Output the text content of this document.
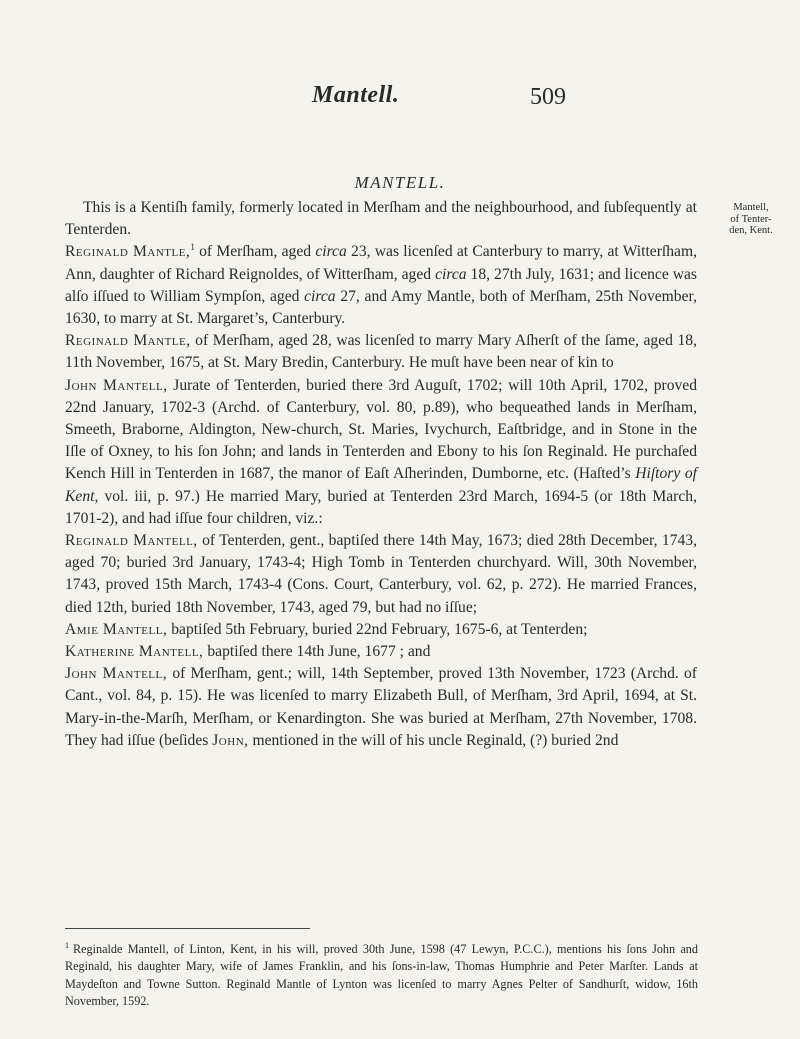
Mantell.	509
MANTELL.
Mantell,
of Tenter-
den, Kent.

This is a Kentiſh family, formerly located in Merſham and the neighbourhood, and ſubſequently at Tenterden.

Reginald Mantle,$^1$ of Merſham, aged circa 23, was licenſed at Canterbury to marry, at Witterſham, Ann, daughter of Richard Reignoldes, of Witterſham, aged circa 18, 27th July, 1631; and licence was alſo iſſued to William Sympſon, aged circa 27, and Amy Mantle, both of Merſham, 25th November, 1630, to marry at St. Margaret’s, Canterbury.

Reginald Mantle, of Merſham, aged 28, was licenſed to marry Mary Aſherſt of the ſame, aged 18, 11th November, 1675, at St. Mary Bredin, Canterbury. He muſt have been near of kin to

John Mantell, Jurate of Tenterden, buried there 3rd Auguſt, 1702; will 10th April, 1702, proved 22nd January, 1702-3 (Archd. of Canterbury, vol. 80, p.89), who bequeathed lands in Merſham, Smeeth, Braborne, Aldington, New-church, St. Maries, Ivychurch, Eaſtbridge, and in Stone in the Iſle of Oxney, to his ſon John; and lands in Tenterden and Ebony to his ſon Reginald. He purchaſed Kench Hill in Tenterden in 1687, the manor of Eaſt Aſherinden, Dumborne, etc. (Haſted’s Hiſtory of Kent, vol. iii, p. 97.) He married Mary, buried at Tenterden 23rd March, 1694-5 (or 18th March, 1701-2), and had iſſue four children, viz.:

Reginald Mantell, of Tenterden, gent., baptiſed there 14th May, 1673; died 28th December, 1743, aged 70; buried 3rd January, 1743-4; High Tomb in Tenterden churchyard. Will, 30th November, 1743, proved 15th March, 1743-4 (Cons. Court, Canterbury, vol. 62, p. 272). He married Frances, died 12th, buried 18th November, 1743, aged 79, but had no iſſue;

Amie Mantell, baptiſed 5th February, buried 22nd February, 1675-6, at Tenterden;

Katherine Mantell, baptiſed there 14th June, 1677 ; and

John Mantell, of Merſham, gent.; will, 14th September, proved 13th November, 1723 (Archd. of Cant., vol. 84, p. 15). He was licenſed to marry Elizabeth Bull, of Merſham, 3rd April, 1694, at St. Mary-in-the-Marſh, Merſham, or Kenardington. She was buried at Merſham, 27th November, 1708. They had iſſue (beſides John, mentioned in the will of his uncle Reginald, (?) buried 2nd

$^1$ Reginalde Mantell, of Linton, Kent, in his will, proved 30th June, 1598 (47 Lewyn, P.C.C.), mentions his ſons John and Reginald, his daughter Mary, wife of James Franklin, and his ſons-in-law, Thomas Humphrie and Peter Marſter. Lands at Maydeſton and Towne Sutton. Reginald Mantle of Lynton was licenſed to marry Agnes Pelter of Sandhurſt, widow, 16th November, 1592.
